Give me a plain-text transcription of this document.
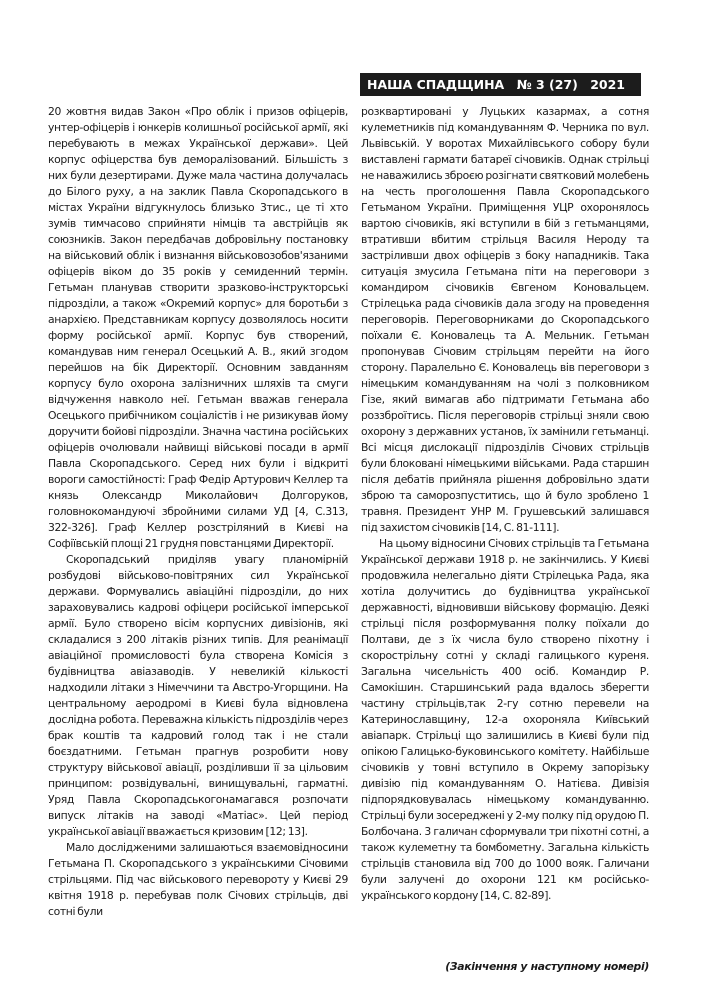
НАША СПАДЩИНА № 3 (27) 2021

20 жовтня видав Закон «Про облік і призов офіцерів, унтер-офіцерів і юнкерів колишньої російської армії, які перебувають в межах Української держави». Цей корпус офіцерства був деморалізований. Більшість з них були дезертирами. Дуже мала частина долучалась до Білого руху, а на заклик Павла Скоропадського в містах України відгукнулось близько 3тис., це ті хто зумів тимчасово сприйняти німців та австрійців як союзників. Закон передбачав добровільну постановку на військовий облік і визнання військовозобов'язаними офіцерів віком до 35 років у семиденний термін. Гетьман планував створити зразково-інструкторські підрозділи, а також «Окремий корпус» для боротьби з анархією. Представникам корпусу дозволялось носити форму російської армії. Корпус був створений, командував ним генерал Осецький А. В., який згодом перейшов на бік Директорії. Основним завданням корпусу було охорона залізничних шляхів та смуги відчуження навколо неї. Гетьман вважав генерала Осецького прибічником соціалістів і не ризикував йому доручити бойові підрозділи. Значна частина російських офіцерів очолювали найвищі військові посади в армії Павла Скоропадського. Серед них були і відкриті вороги самостійності: Граф Федір Артурович Келлер та князь Олександр Миколайович Долгоруков, головнокомандуючі збройними силами УД [4, С.313, 322-326]. Граф Келлер розстріляний в Києві на Софіївській площі 21 грудня повстанцями Директорії.

Скоропадський приділяв увагу планомірній розбудові військово-повітряних сил Української держави. Формувались авіаційні підрозділи, до них зараховувались кадрові офіцери російської імперської армії. Було створено вісім корпусних дивізіонів, які складалися з 200 літаків різних типів. Для реанімації авіаційної промисловості була створена Комісія з будівництва авіазаводів. У невеликій кількості надходили літаки з Німеччини та Австро-Угорщини. На центральному аеродромі в Києві була відновлена дослідна робота. Переважна кількість підрозділів через брак коштів та кадровий голод так і не стали боєздатними. Гетьман прагнув розробити нову структуру військової авіації, розділивши її за цільовим принципом: розвідувальні, винищувальні, гарматні. Уряд Павла Скоропадськогонамагався розпочати випуск літаків на заводі «Матіас». Цей період української авіації вважається кризовим [12; 13].

Мало дослідженими залишаються взаємовідносини Гетьмана П. Скоропадського з українськими Січовими стрільцями. Під час військового перевороту у Києві 29 квітня 1918 р. перебував полк Січових стрільців, дві сотні були

розквартировані у Луцьких казармах, а сотня кулеметників під командуванням Ф. Черника по вул. Львівській. У воротах Михайлівського собору були виставлені гармати батареї січовиків. Однак стрільці не наважились зброєю розігнати святковий молебень на честь проголошення Павла Скоропадського Гетьманом України. Приміщення УЦР охоронялось вартою січовиків, які вступили в бій з гетьманцями, втративши вбитим стрільця Василя Нероду та застріливши двох офіцерів з боку нападників. Така ситуація змусила Гетьмана піти на переговори з командиром січовиків Євгеном Коновальцем. Стрілецька рада січовиків дала згоду на проведення переговорів. Переговорниками до Скоропадського поїхали Є. Коновалець та А. Мельник. Гетьман пропонував Січовим стрільцям перейти на його сторону. Паралельно Є. Коновалець вів переговори з німецьким командуванням на чолі з полковником Гізе, який вимагав або підтримати Гетьмана або роззброїтись. Після переговорів стрільці зняли свою охорону з державних установ, їх замінили гетьманці. Всі місця дислокації підрозділів Січових стрільців були блоковані німецькими військами. Рада старшин після дебатів прийняла рішення добровільно здати зброю та саморозпуститись, що й було зроблено 1 травня. Президент УНР М. Грушевський залишався під захистом січовиків [14, С. 81-111].

На цьому відносини Січових стрільців та Гетьмана Української держави 1918 р. не закінчились. У Києві продовжила нелегально діяти Стрілецька Рада, яка хотіла долучитись до будівництва української державності, відновивши військову формацію. Деякі стрільці після розформування полку поїхали до Полтави, де з їх числа було створено піхотну і скорострільну сотні у складі галицького куреня. Загальна чисельність 400 осіб. Командир Р. Самокішин. Старшинський рада вдалось зберегти частину стрільців,так 2-гу сотню перевели на Катеринославщину, 12-а охороняла Київський авіапарк. Стрільці що залишились в Києві були під опікою Галицько-буковинського комітету. Найбільше січовиків у товні вступило в Окрему запорізьку дивізію під командуванням О. Натієва. Дивізія підпорядковувалась німецькому командуванню. Стрільці були зосереджені у 2-му полку під орудою П. Болбочана. 3 галичан сформували три піхотні сотні, а також кулеметну та бомбометну. Загальна кількість стрільців становила від 700 до 1000 вояк. Галичани були залучені до охорони 121 км російсько-українського кордону [14, С. 82-89].

(Закінчення у наступному номері)
